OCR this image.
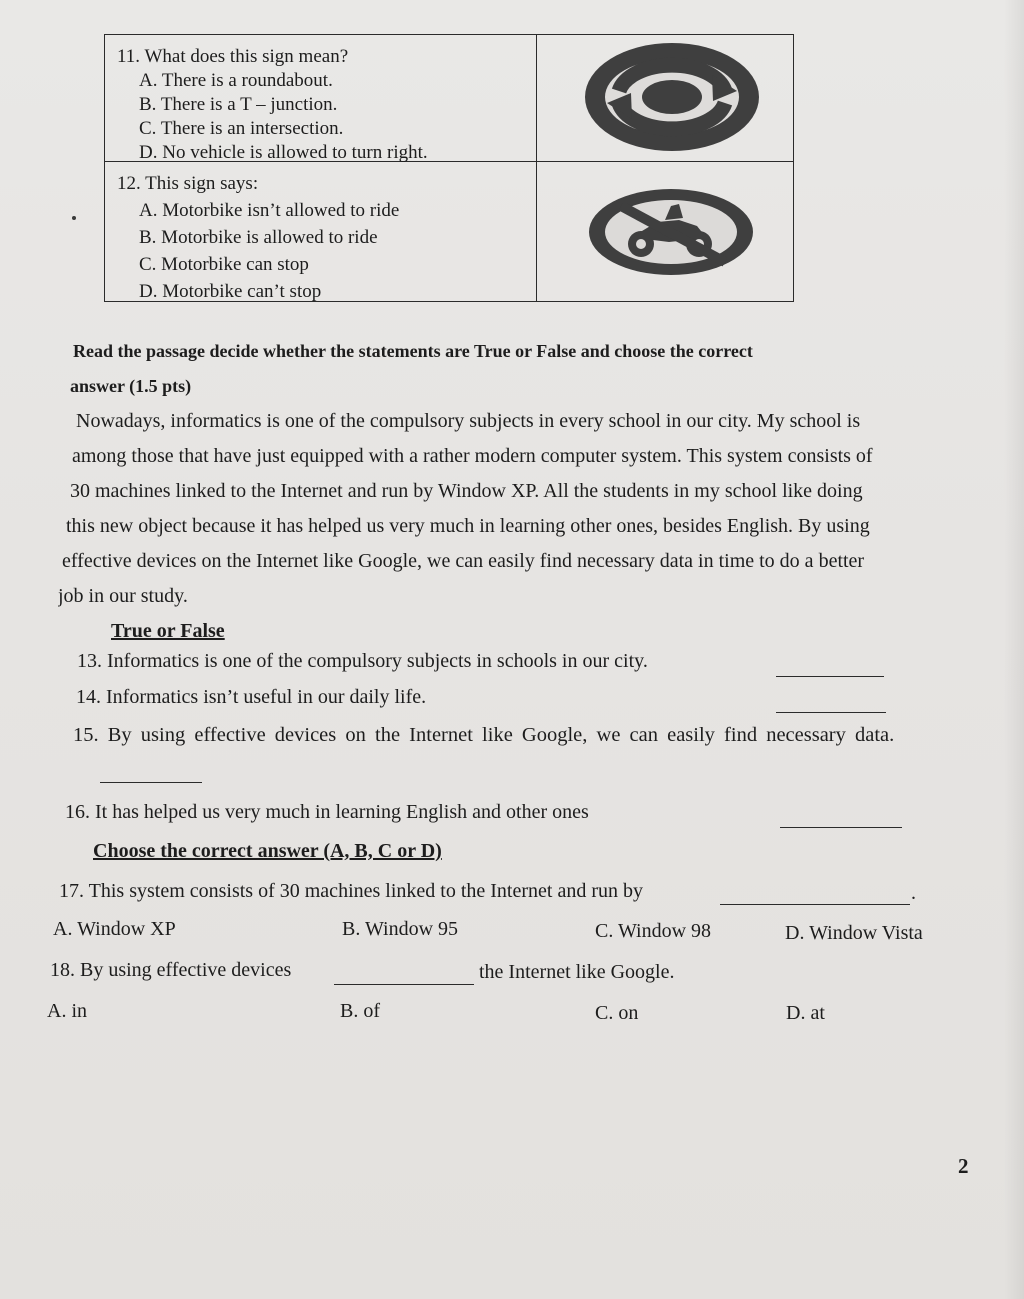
11. What does this sign mean?
A. There is a roundabout.
B. There is a T – junction.
C. There is an intersection.
D. No vehicle is allowed to turn right.
12. This sign says:
A. Motorbike isn’t allowed to ride
B. Motorbike is allowed to ride
C. Motorbike can stop
D. Motorbike can’t stop
Read the passage decide whether the statements are True or False and choose the correct
answer (1.5 pts)
Nowadays, informatics is one of the compulsory subjects in every school in our city. My school is
among those that have just equipped with a rather modern computer system. This system consists of
30 machines linked to the Internet and run by Window XP. All the students in my school like doing
this new object because it has helped us very much in learning other ones, besides English. By using
effective devices on the Internet like Google, we can easily find necessary data in time to do a better
job in our study.
True or False
13. Informatics is one of the compulsory subjects in schools in our city.
14. Informatics isn’t useful in our daily life.
15. By using effective devices on the Internet like Google, we can easily find necessary data.
16. It has helped us very much in learning English and other ones
Choose the correct answer (A, B, C or D)
17. This system consists of 30 machines linked to the Internet and run by	.
A. Window XP	B. Window 95	C. Window 98	D. Window Vista
18. By using effective devices	the Internet like Google.
A. in	B. of	C. on	D. at
2
